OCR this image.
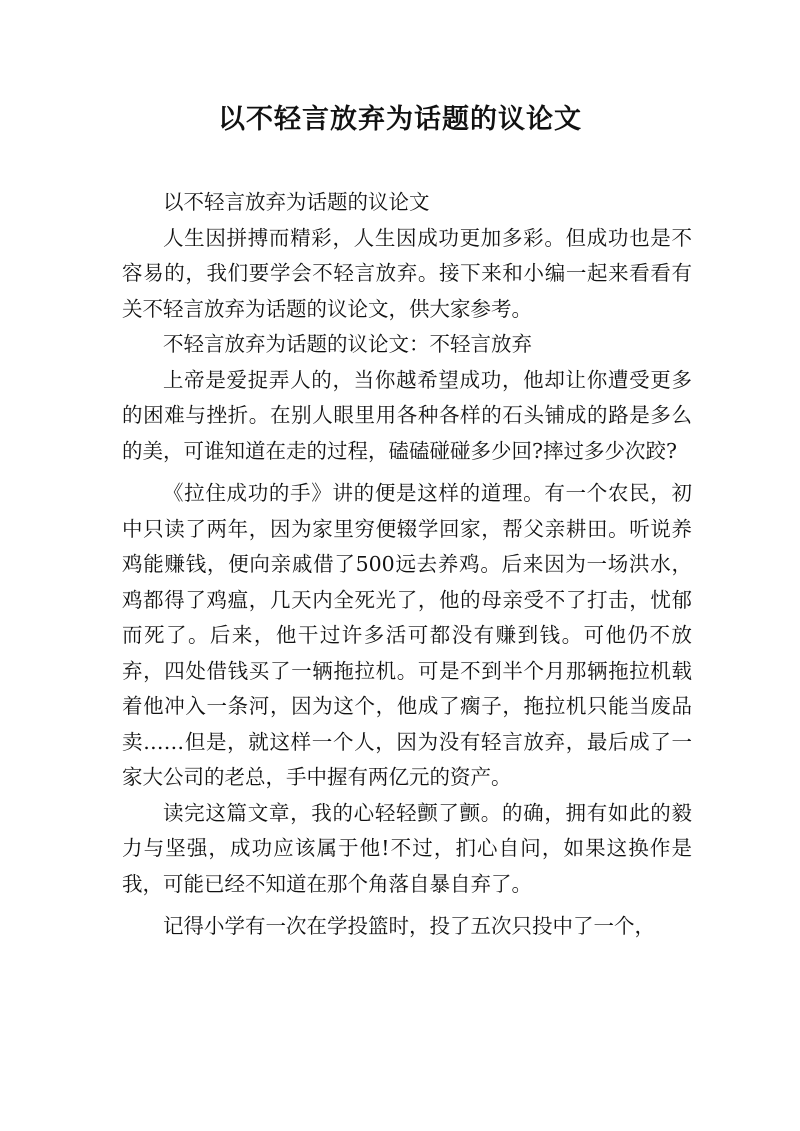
以不轻言放弃为话题的议论文

以不轻言放弃为话题的议论文

人生因拼搏而精彩，人生因成功更加多彩。但成功也是不容易的，我们要学会不轻言放弃。接下来和小编一起来看看有关不轻言放弃为话题的议论文，供大家参考。

不轻言放弃为话题的议论文：不轻言放弃

上帝是爱捉弄人的，当你越希望成功，他却让你遭受更多的困难与挫折。在别人眼里用各种各样的石头铺成的路是多么的美，可谁知道在走的过程，磕磕碰碰多少回?摔过多少次跤?

《拉住成功的手》讲的便是这样的道理。有一个农民，初中只读了两年，因为家里穷便辍学回家，帮父亲耕田。听说养鸡能赚钱，便向亲戚借了500远去养鸡。后来因为一场洪水，鸡都得了鸡瘟，几天内全死光了，他的母亲受不了打击，忧郁而死了。后来，他干过许多活可都没有赚到钱。可他仍不放弃，四处借钱买了一辆拖拉机。可是不到半个月那辆拖拉机载着他冲入一条河，因为这个，他成了瘸子，拖拉机只能当废品卖……但是，就这样一个人，因为没有轻言放弃，最后成了一家大公司的老总，手中握有两亿元的资产。

读完这篇文章，我的心轻轻颤了颤。的确，拥有如此的毅力与坚强，成功应该属于他!不过，扪心自问，如果这换作是我，可能已经不知道在那个角落自暴自弃了。

记得小学有一次在学投篮时，投了五次只投中了一个，
